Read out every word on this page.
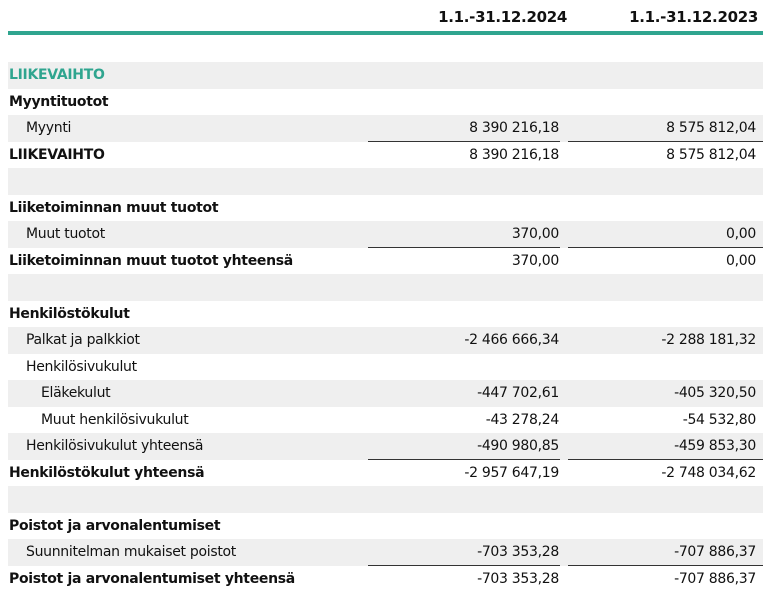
1.1.-31.12.2024	1.1.-31.12.2023
LIIKEVAIHTO
Myyntituotot
Myynti	8 390 216,18	8 575 812,04
LIIKEVAIHTO	8 390 216,18	8 575 812,04
Liiketoiminnan muut tuotot
Muut tuotot	370,00	0,00
Liiketoiminnan muut tuotot yhteensä	370,00	0,00
Henkilöstökulut
Palkat ja palkkiot	-2 466 666,34	-2 288 181,32
Henkilösivukulut
Eläkekulut	-447 702,61	-405 320,50
Muut henkilösivukulut	-43 278,24	-54 532,80
Henkilösivukulut yhteensä	-490 980,85	-459 853,30
Henkilöstökulut yhteensä	-2 957 647,19	-2 748 034,62
Poistot ja arvonalentumiset
Suunnitelman mukaiset poistot	-703 353,28	-707 886,37
Poistot ja arvonalentumiset yhteensä	-703 353,28	-707 886,37
